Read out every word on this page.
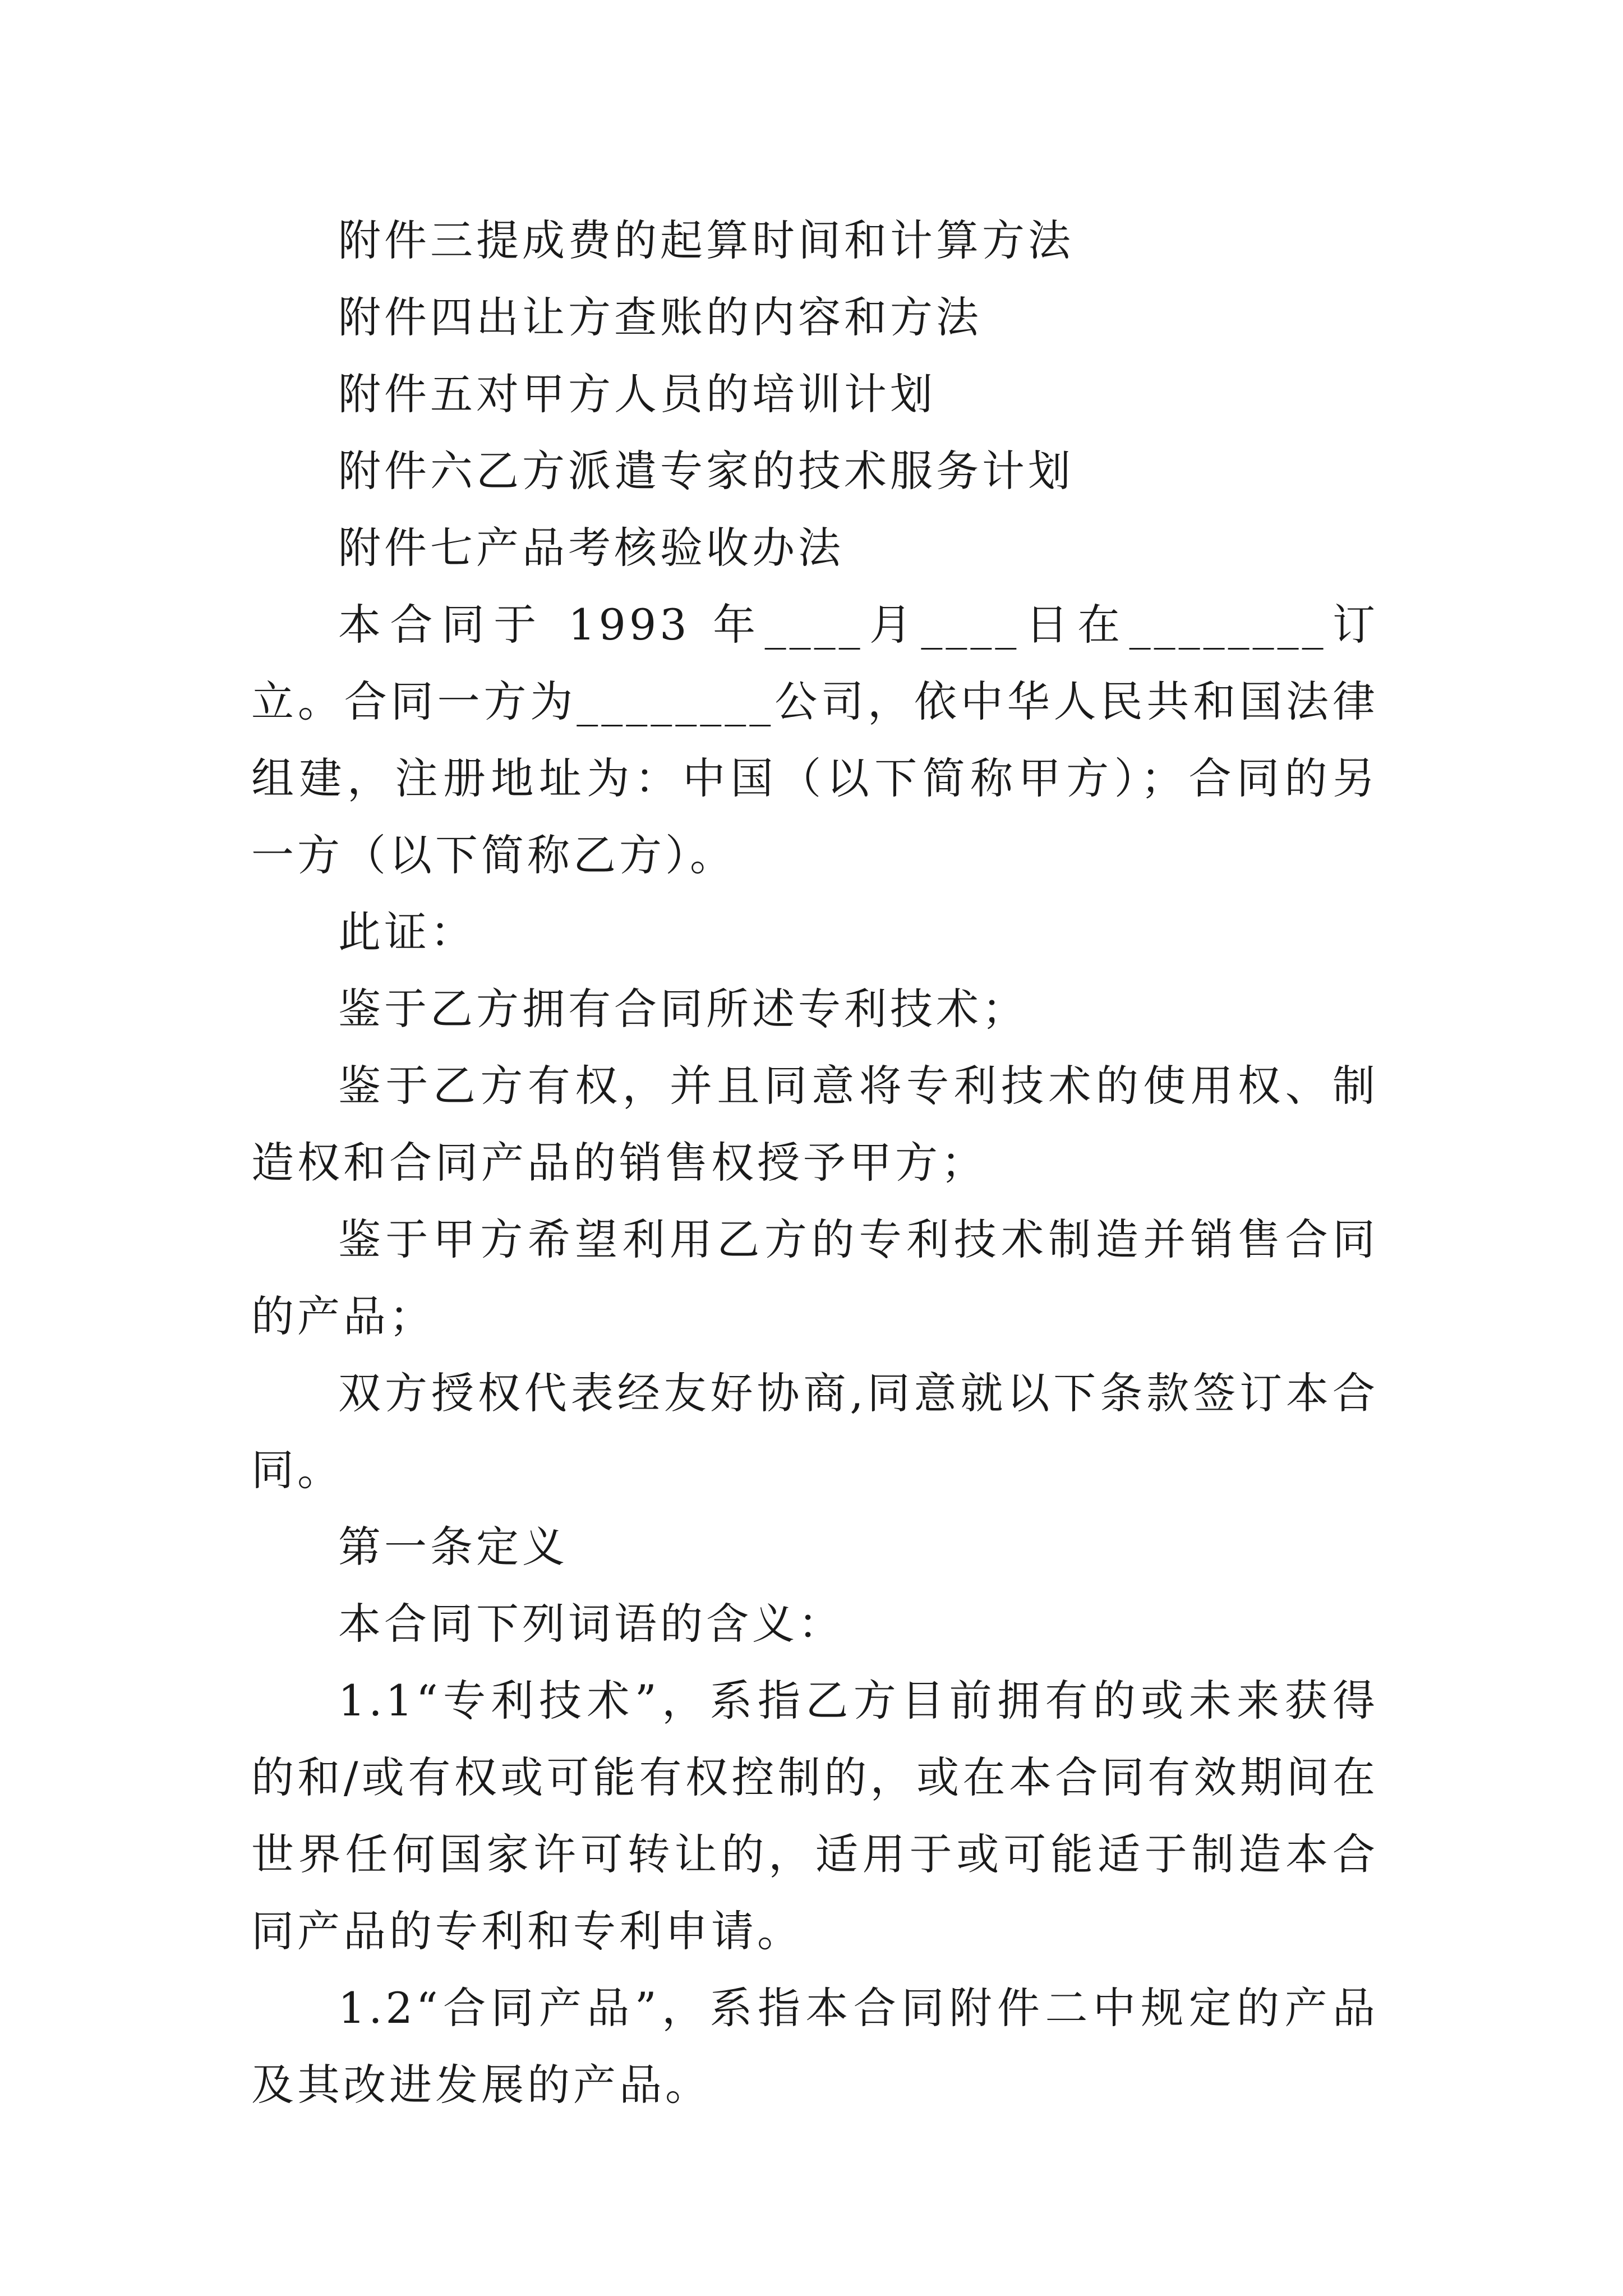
附件三提成费的起算时间和计算方法

附件四出让方查账的内容和方法

附件五对甲方人员的培训计划

附件六乙方派遣专家的技术服务计划

附件七产品考核验收办法

本合同于 1993 年____月____日在________订立。合同一方为________公司，依中华人民共和国法律组建，注册地址为：中国（以下简称甲方）；合同的另一方（以下简称乙方）。

此证：

鉴于乙方拥有合同所述专利技术；

鉴于乙方有权，并且同意将专利技术的使用权、制造权和合同产品的销售权授予甲方；

鉴于甲方希望利用乙方的专利技术制造并销售合同的产品；

双方授权代表经友好协商,同意就以下条款签订本合同。

第一条定义

本合同下列词语的含义：

1.1“专利技术”，系指乙方目前拥有的或未来获得的和/或有权或可能有权控制的，或在本合同有效期间在世界任何国家许可转让的，适用于或可能适于制造本合同产品的专利和专利申请。

1.2“合同产品”，系指本合同附件二中规定的产品及其改进发展的产品。
